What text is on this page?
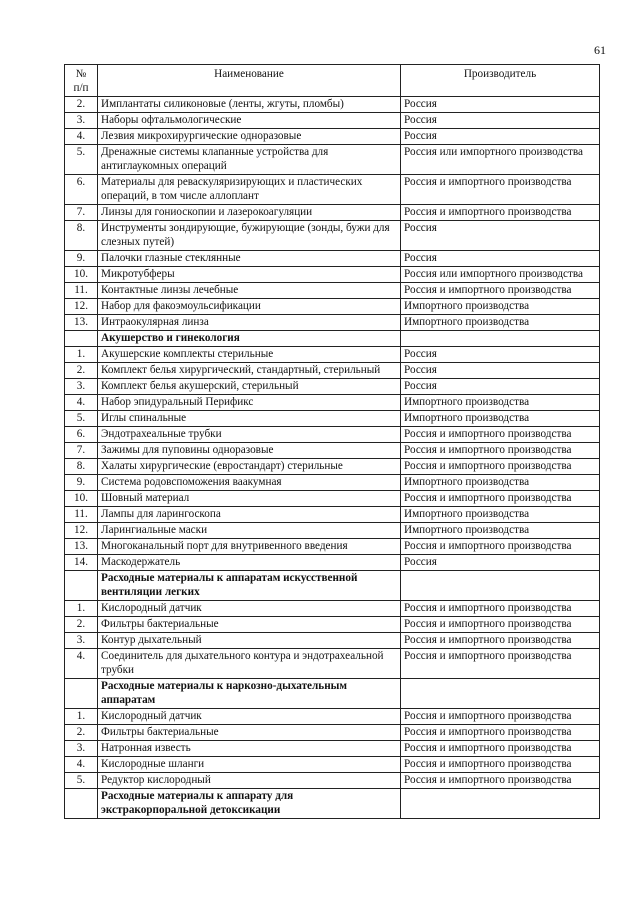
61
№
п/п	Наименование	Производитель
2.	Имплантаты силиконовые (ленты, жгуты, пломбы)	Россия
3.	Наборы офтальмологические	Россия
4.	Лезвия микрохирургические одноразовые	Россия
5.	Дренажные системы клапанные устройства для антиглаукомных операций	Россия или импортного производства
6.	Материалы для реваскуляризирующих и пластических операций, в том числе аллоплант	Россия и импортного производства
7.	Линзы для гониоскопии и лазерокоагуляции	Россия и импортного производства
8.	Инструменты зондирующие, бужирующие (зонды, бужи для слезных путей)	Россия
9.	Палочки глазные стеклянные	Россия
10.	Микротубферы	Россия или импортного производства
11.	Контактные линзы лечебные	Россия и импортного производства
12.	Набор для факоэмоульсификации	Импортного производства
13.	Интраокулярная линза	Импортного производства
	Акушерство и гинекология	
1.	Акушерские комплекты стерильные	Россия
2.	Комплект белья хирургический, стандартный, стерильный	Россия
3.	Комплект белья акушерский, стерильный	Россия
4.	Набор эпидуральный Перификс	Импортного производства
5.	Иглы спинальные	Импортного производства
6.	Эндотрахеальные трубки	Россия и импортного производства
7.	Зажимы для пуповины одноразовые	Россия и импортного производства
8.	Халаты хирургические (евростандарт) стерильные	Россия и импортного производства
9.	Система родовспоможения ваакумная	Импортного производства
10.	Шовный материал	Россия и импортного производства
11.	Лампы для ларингоскопа	Импортного производства
12.	Ларингиальные маски	Импортного производства
13.	Многоканальный порт для внутривенного введения	Россия и импортного производства
14.	Маскодержатель	Россия
	Расходные материалы к аппаратам искусственной вентиляции легких	
1.	Кислородный датчик	Россия и импортного производства
2.	Фильтры бактериальные	Россия и импортного производства
3.	Контур дыхательный	Россия и импортного производства
4.	Соединитель для дыхательного контура и эндотрахеальной трубки	Россия и импортного производства
	Расходные материалы к наркозно-дыхательным аппаратам	
1.	Кислородный датчик	Россия и импортного производства
2.	Фильтры бактериальные	Россия и импортного производства
3.	Натронная известь	Россия и импортного производства
4.	Кислородные шланги	Россия и импортного производства
5.	Редуктор кислородный	Россия и импортного производства
	Расходные материалы к аппарату для экстракорпоральной детоксикации	
